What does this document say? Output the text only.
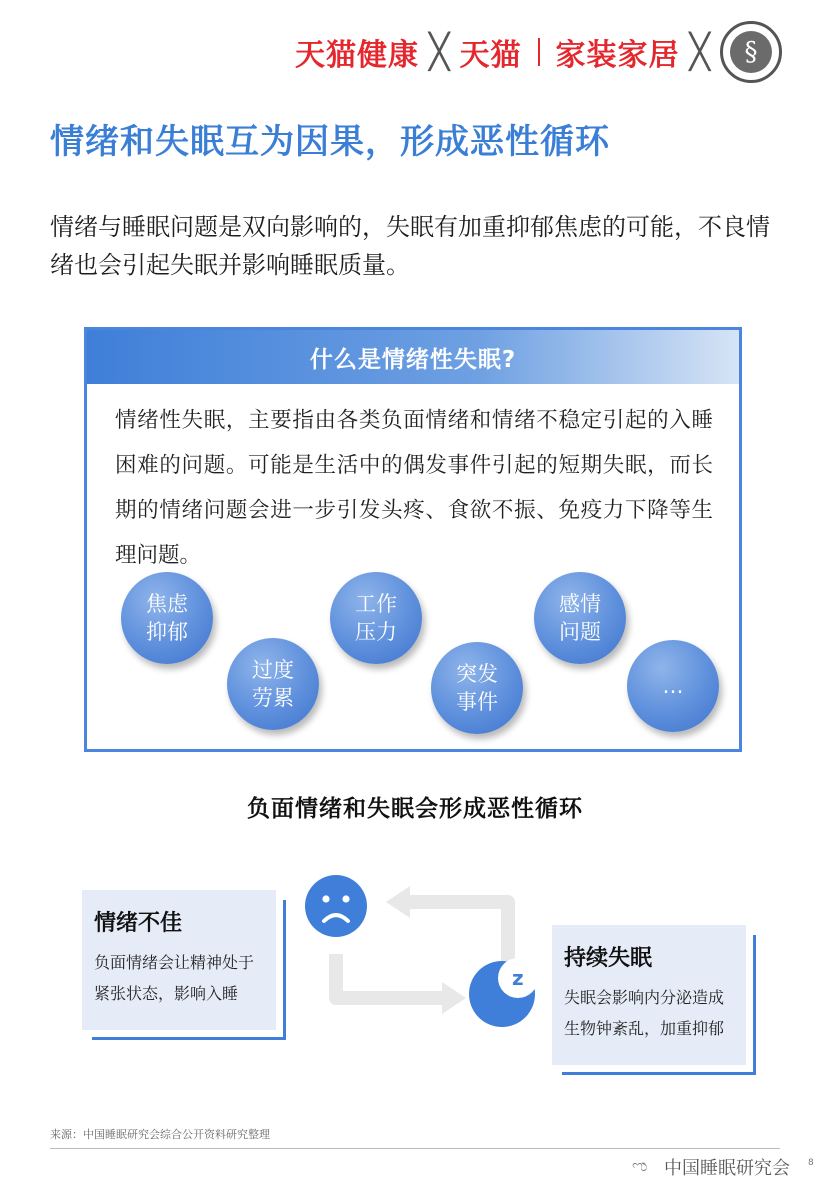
天猫健康 ╳ 天猫 家装家居 ╳	§
情绪和失眠互为因果，形成恶性循环

情绪与睡眠问题是双向影响的，失眠有加重抑郁焦虑的可能，不良情绪也会引起失眠并影响睡眠质量。

什么是情绪性失眠?

情绪性失眠，主要指由各类负面情绪和情绪不稳定引起的入睡困难的问题。可能是生活中的偶发事件引起的短期失眠，而长期的情绪问题会进一步引发头疼、食欲不振、免疫力下降等生理问题。

焦虑
抑郁
过度
劳累
工作
压力
突发
事件
感情
问题
…
负面情绪和失眠会形成恶性循环
情绪不佳
负面情绪会让精神处于紧张状态，影响入睡
持续失眠
失眠会影响内分泌造成生物钟紊乱，加重抑郁
z
来源：中国睡眠研究会综合公开资料研究整理
ಌ 中国睡眠研究会 8
